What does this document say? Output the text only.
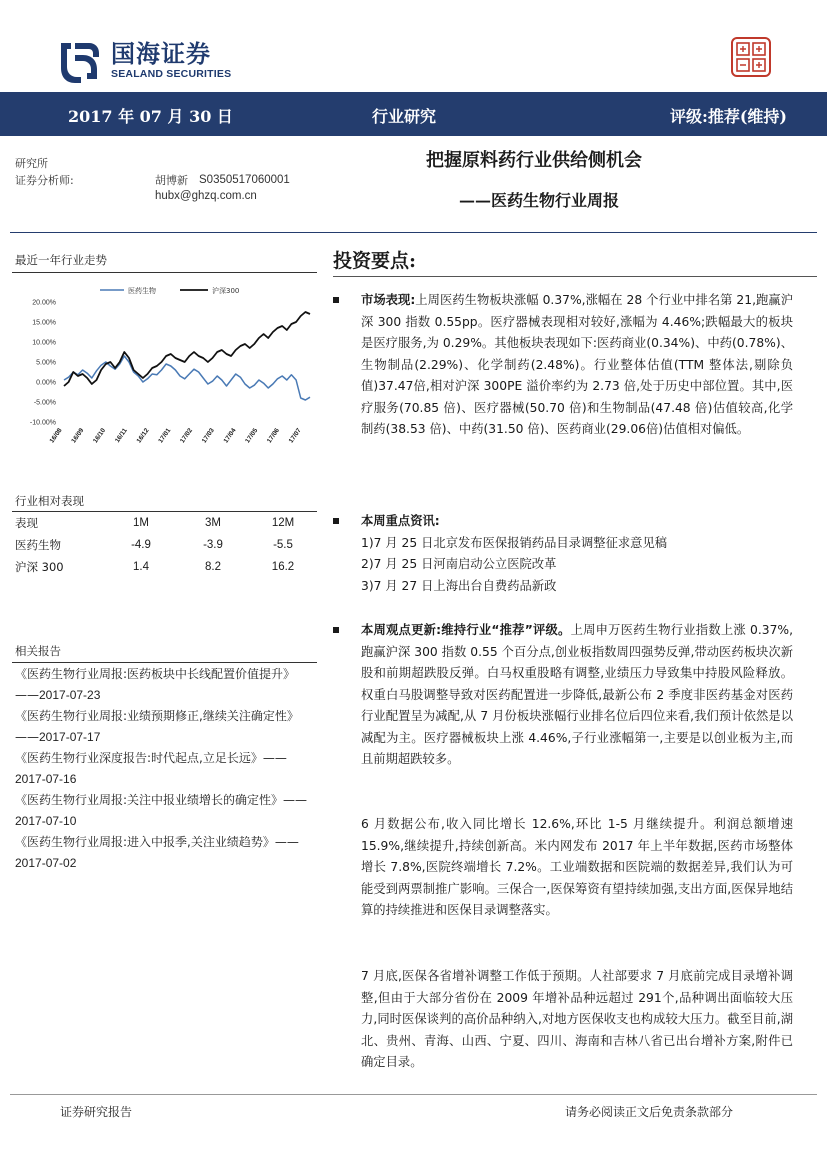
国海证券
SEALAND SECURITIES
2017 年 07 月 30 日	行业研究	评级:推荐(维持)
研究所
证券分析师:	胡博新 S0350517060001
hubx@ghzq.com.cn
把握原料药行业供给侧机会
——医药生物行业周报
最近一年行业走势
医药生物	沪深300
20.00%
15.00%
10.00%
5.00%
0.00%
-5.00%
-10.00%
16/08 16/09 16/10 16/11 16/12 17/01 17/02 17/03 17/04 17/05 17/06 17/07
行业相对表现
表现	1M	3M	12M
医药生物	-4.9	-3.9	-5.5
沪深 300	1.4	8.2	16.2
相关报告
《医药生物行业周报:医药板块中长线配置价值提升》——2017-07-23
《医药生物行业周报:业绩预期修正,继续关注确定性》——2017-07-17
《医药生物行业深度报告:时代起点,立足长远》——2017-07-16
《医药生物行业周报:关注中报业绩增长的确定性》——2017-07-10
《医药生物行业周报:进入中报季,关注业绩趋势》——2017-07-02
投资要点:
市场表现:上周医药生物板块涨幅 0.37%,涨幅在 28 个行业中排名第 21,跑赢沪深 300 指数 0.55pp。医疗器械表现相对较好,涨幅为 4.46%;跌幅最大的板块是医疗服务,为 0.29%。其他板块表现如下:医药商业(0.34%)、中药(0.78%)、生物制品(2.29%)、化学制药(2.48%)。行业整体估值(TTM 整体法,剔除负值)37.47倍,相对沪深 300PE 溢价率约为 2.73 倍,处于历史中部位置。其中,医疗服务(70.85 倍)、医疗器械(50.70 倍)和生物制品(47.48 倍)估值较高,化学制药(38.53 倍)、中药(31.50 倍)、医药商业(29.06倍)估值相对偏低。
本周重点资讯:
1)7 月 25 日北京发布医保报销药品目录调整征求意见稿
2)7 月 25 日河南启动公立医院改革
3)7 月 27 日上海出台自费药品新政
本周观点更新:维持行业“推荐”评级。上周申万医药生物行业指数上涨 0.37%,跑赢沪深 300 指数 0.55 个百分点,创业板指数周四强势反弹,带动医药板块次新股和前期超跌股反弹。白马权重股略有调整,业绩压力导致集中持股风险释放。权重白马股调整导致对医药配置进一步降低,最新公布 2 季度非医药基金对医药行业配置呈为减配,从 7 月份板块涨幅行业排名位后四位来看,我们预计依然是以减配为主。医疗器械板块上涨 4.46%,子行业涨幅第一,主要是以创业板为主,而且前期超跌较多。
6 月数据公布,收入同比增长 12.6%,环比 1-5 月继续提升。利润总额增速 15.9%,继续提升,持续创新高。米内网发布 2017 年上半年数据,医药市场整体增长 7.8%,医院终端增长 7.2%。工业端数据和医院端的数据差异,我们认为可能受到两票制推广影响。三保合一,医保筹资有望持续加强,支出方面,医保异地结算的持续推进和医保目录调整落实。
7 月底,医保各省增补调整工作低于预期。人社部要求 7 月底前完成目录增补调整,但由于大部分省份在 2009 年增补品种远超过 291个,品种调出面临较大压力,同时医保谈判的高价品种纳入,对地方医保收支也构成较大压力。截至目前,湖北、贵州、青海、山西、宁夏、四川、海南和吉林八省已出台增补方案,附件已确定目录。
证券研究报告	请务必阅读正文后免责条款部分
